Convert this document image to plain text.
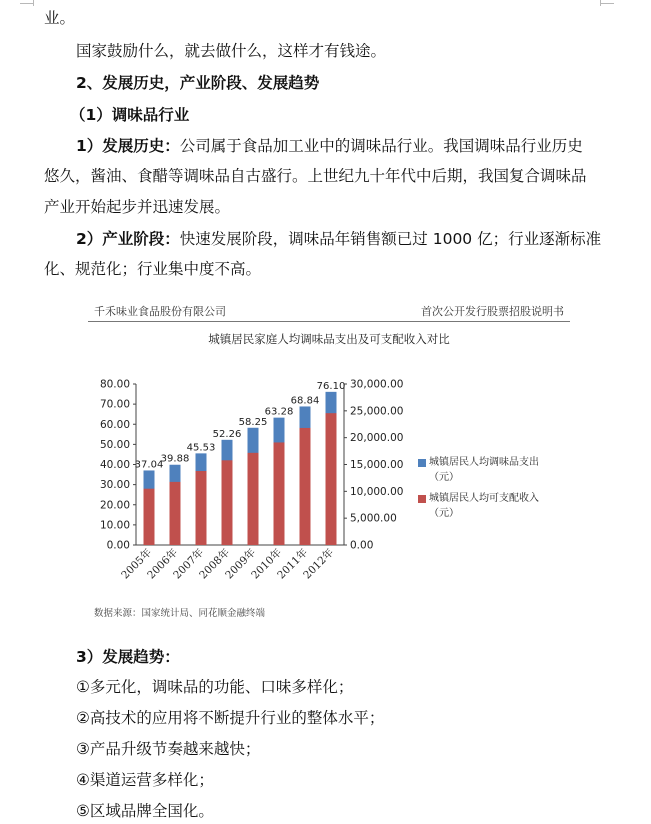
业。
国家鼓励什么，就去做什么，这样才有钱途。
2、发展历史，产业阶段、发展趋势
（1）调味品行业
1）发展历史：公司属于食品加工业中的调味品行业。我国调味品行业历史
悠久，酱油、食醋等调味品自古盛行。上世纪九十年代中后期，我国复合调味品
产业开始起步并迅速发展。
2）产业阶段：快速发展阶段，调味品年销售额已过 1000 亿；行业逐渐标准
化、规范化；行业集中度不高。
千禾味业食品股份有限公司	首次公开发行股票招股说明书
城镇居民家庭人均调味品支出及可支配收入对比
0.00
10.00
20.00
30.00
40.00
50.00
60.00
70.00
80.00
0.00
5,000.00
10,000.00
15,000.00
20,000.00
25,000.00
30,000.00
37.04
2005年
39.88
2006年
45.53
2007年
52.26
2008年
58.25
2009年
63.28
2010年
68.84
2011年
76.10
2012年
城镇居民人均调味品支出
（元）
城镇居民人均可支配收入
（元）
数据来源：国家统计局、同花顺金融终端
3）发展趋势：
①多元化，调味品的功能、口味多样化；
②高技术的应用将不断提升行业的整体水平；
③产品升级节奏越来越快；
④渠道运营多样化；
⑤区域品牌全国化。
